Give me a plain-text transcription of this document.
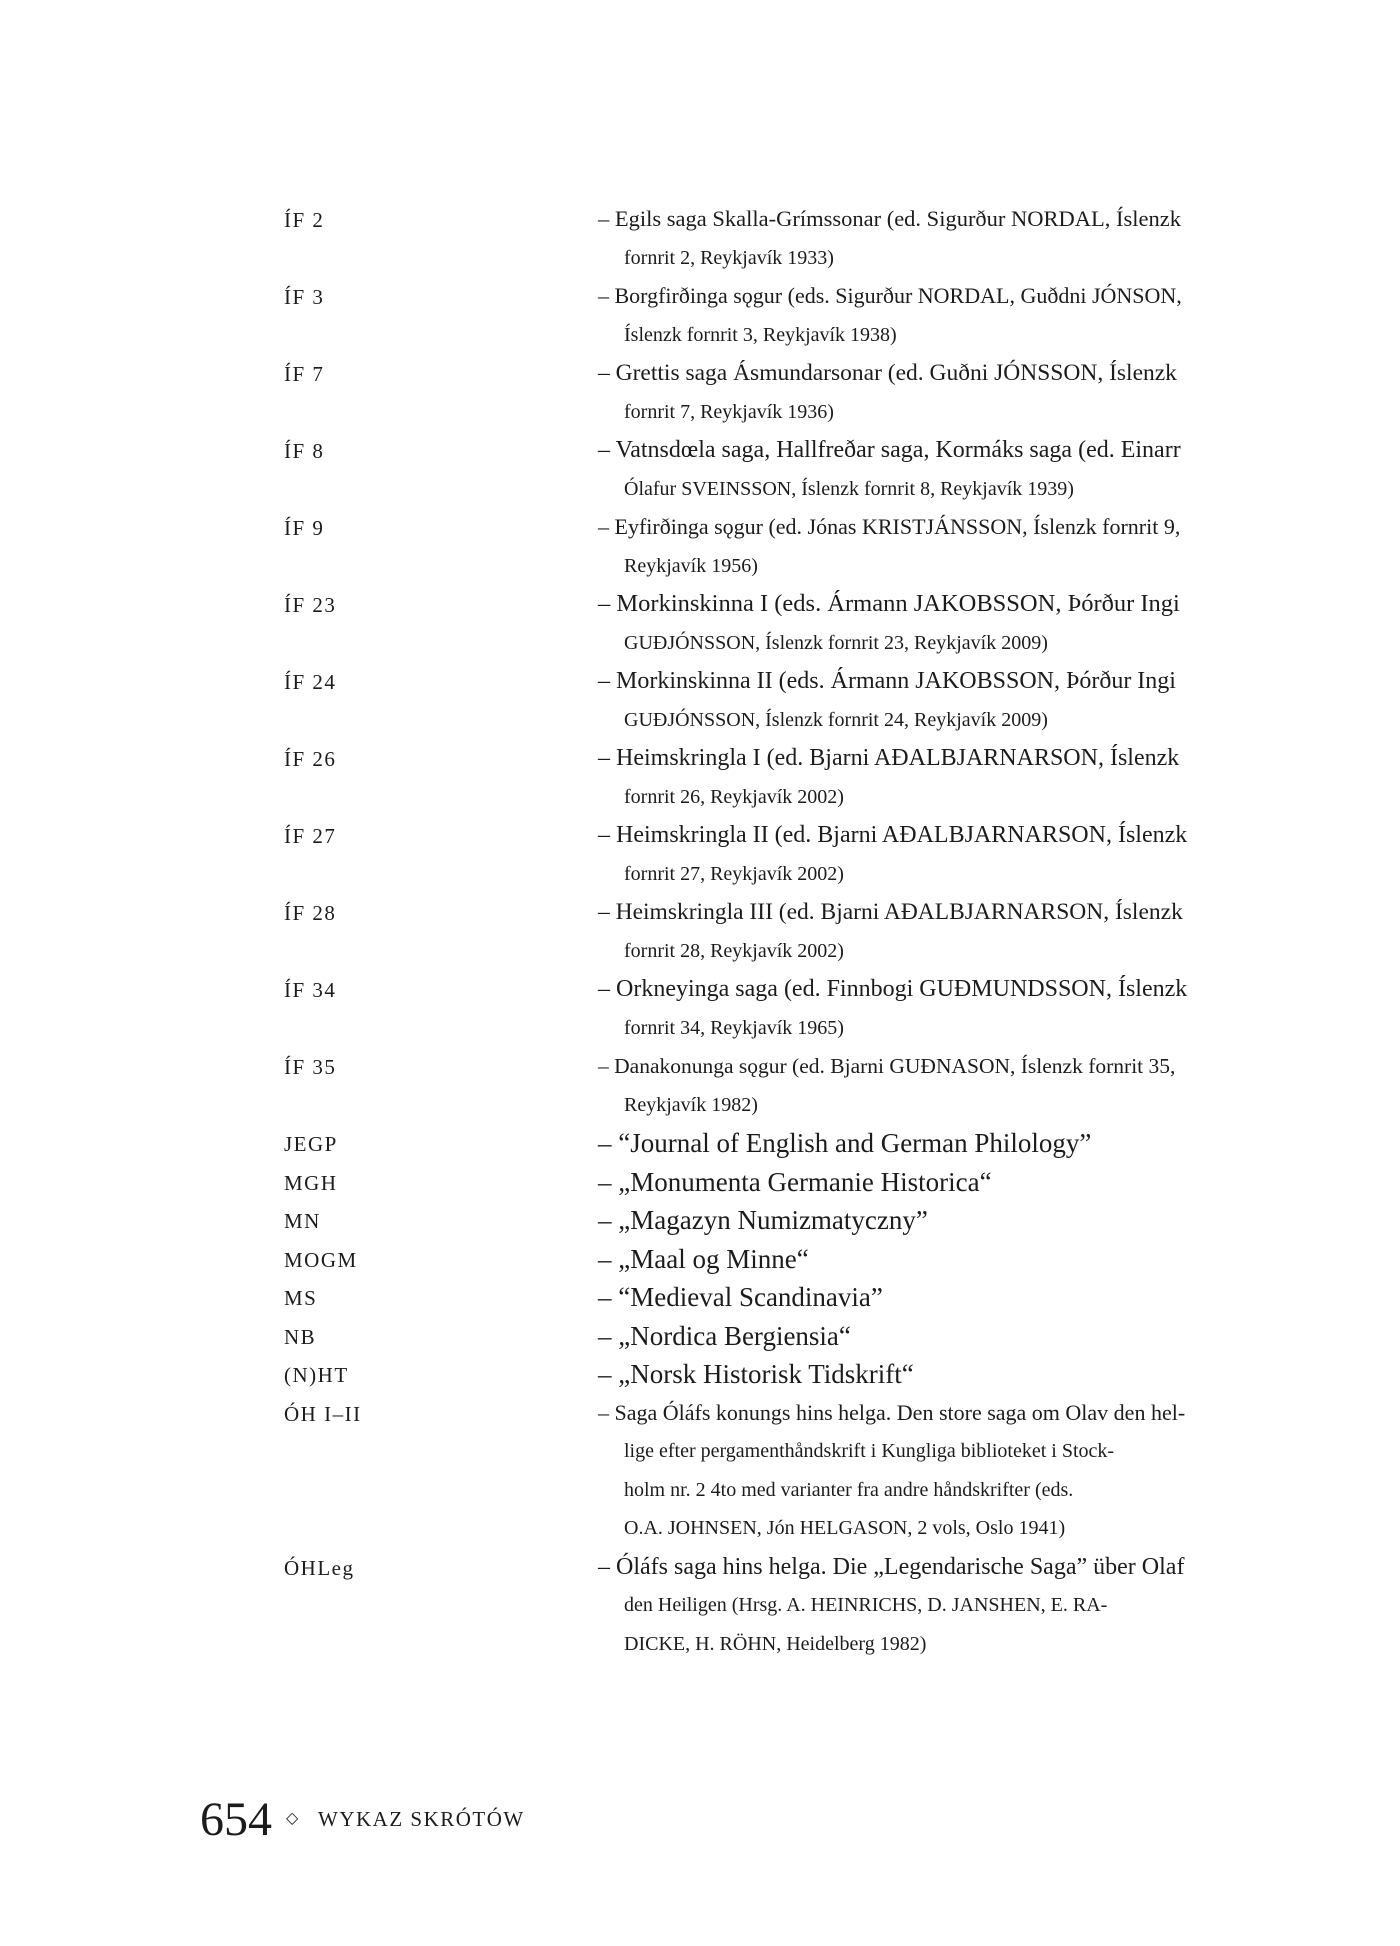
ÍF 2	– Egils saga Skalla-Grímssonar (ed. Sigurður NORDAL, Íslenzk
fornrit 2, Reykjavík 1933)
ÍF 3	– Borgfirðinga sǫgur (eds. Sigurður NORDAL, Guðdni JÓNSON,
Íslenzk fornrit 3, Reykjavík 1938)
ÍF 7	– Grettis saga Ásmundarsonar (ed. Guðni JÓNSSON, Íslenzk
fornrit 7, Reykjavík 1936)
ÍF 8	– Vatnsdœla saga, Hallfreðar saga, Kormáks saga (ed. Einarr
Ólafur SVEINSSON, Íslenzk fornrit 8, Reykjavík 1939)
ÍF 9	– Eyfirðinga sǫgur (ed. Jónas KRISTJÁNSSON, Íslenzk fornrit 9,
Reykjavík 1956)
ÍF 23	– Morkinskinna I (eds. Ármann JAKOBSSON, Þórður Ingi
GUÐJÓNSSON, Íslenzk fornrit 23, Reykjavík 2009)
ÍF 24	– Morkinskinna II (eds. Ármann JAKOBSSON, Þórður Ingi
GUÐJÓNSSON, Íslenzk fornrit 24, Reykjavík 2009)
ÍF 26	– Heimskringla I (ed. Bjarni AÐALBJARNARSON, Íslenzk
fornrit 26, Reykjavík 2002)
ÍF 27	– Heimskringla II (ed. Bjarni AÐALBJARNARSON, Íslenzk
fornrit 27, Reykjavík 2002)
ÍF 28	– Heimskringla III (ed. Bjarni AÐALBJARNARSON, Íslenzk
fornrit 28, Reykjavík 2002)
ÍF 34	– Orkneyinga saga (ed. Finnbogi GUÐMUNDSSON, Íslenzk
fornrit 34, Reykjavík 1965)
ÍF 35	– Danakonunga sǫgur (ed. Bjarni GUÐNASON, Íslenzk fornrit 35,
Reykjavík 1982)
JEGP	– “Journal of English and German Philology”
MGH	– „Monumenta Germanie Historica“
MN	– „Magazyn Numizmatyczny”
MOGM	– „Maal og Minne“
MS	– “Medieval Scandinavia”
NB	– „Nordica Bergiensia“
(N)HT	– „Norsk Historisk Tidskrift“
ÓH I–II	– Saga Óláfs konungs hins helga. Den store saga om Olav den hel-
lige efter pergamenthåndskrift i Kungliga biblioteket i Stock-
holm nr. 2 4to med varianter fra andre håndskrifter (eds.
O.A. JOHNSEN, Jón HELGASON, 2 vols, Oslo 1941)
ÓHLeg	– Óláfs saga hins helga. Die „Legendarische Saga” über Olaf
den Heiligen (Hrsg. A. HEINRICHS, D. JANSHEN, E. RA-
DICKE, H. RÖHN, Heidelberg 1982)
654 ◇ WYKAZ SKRÓTÓW
